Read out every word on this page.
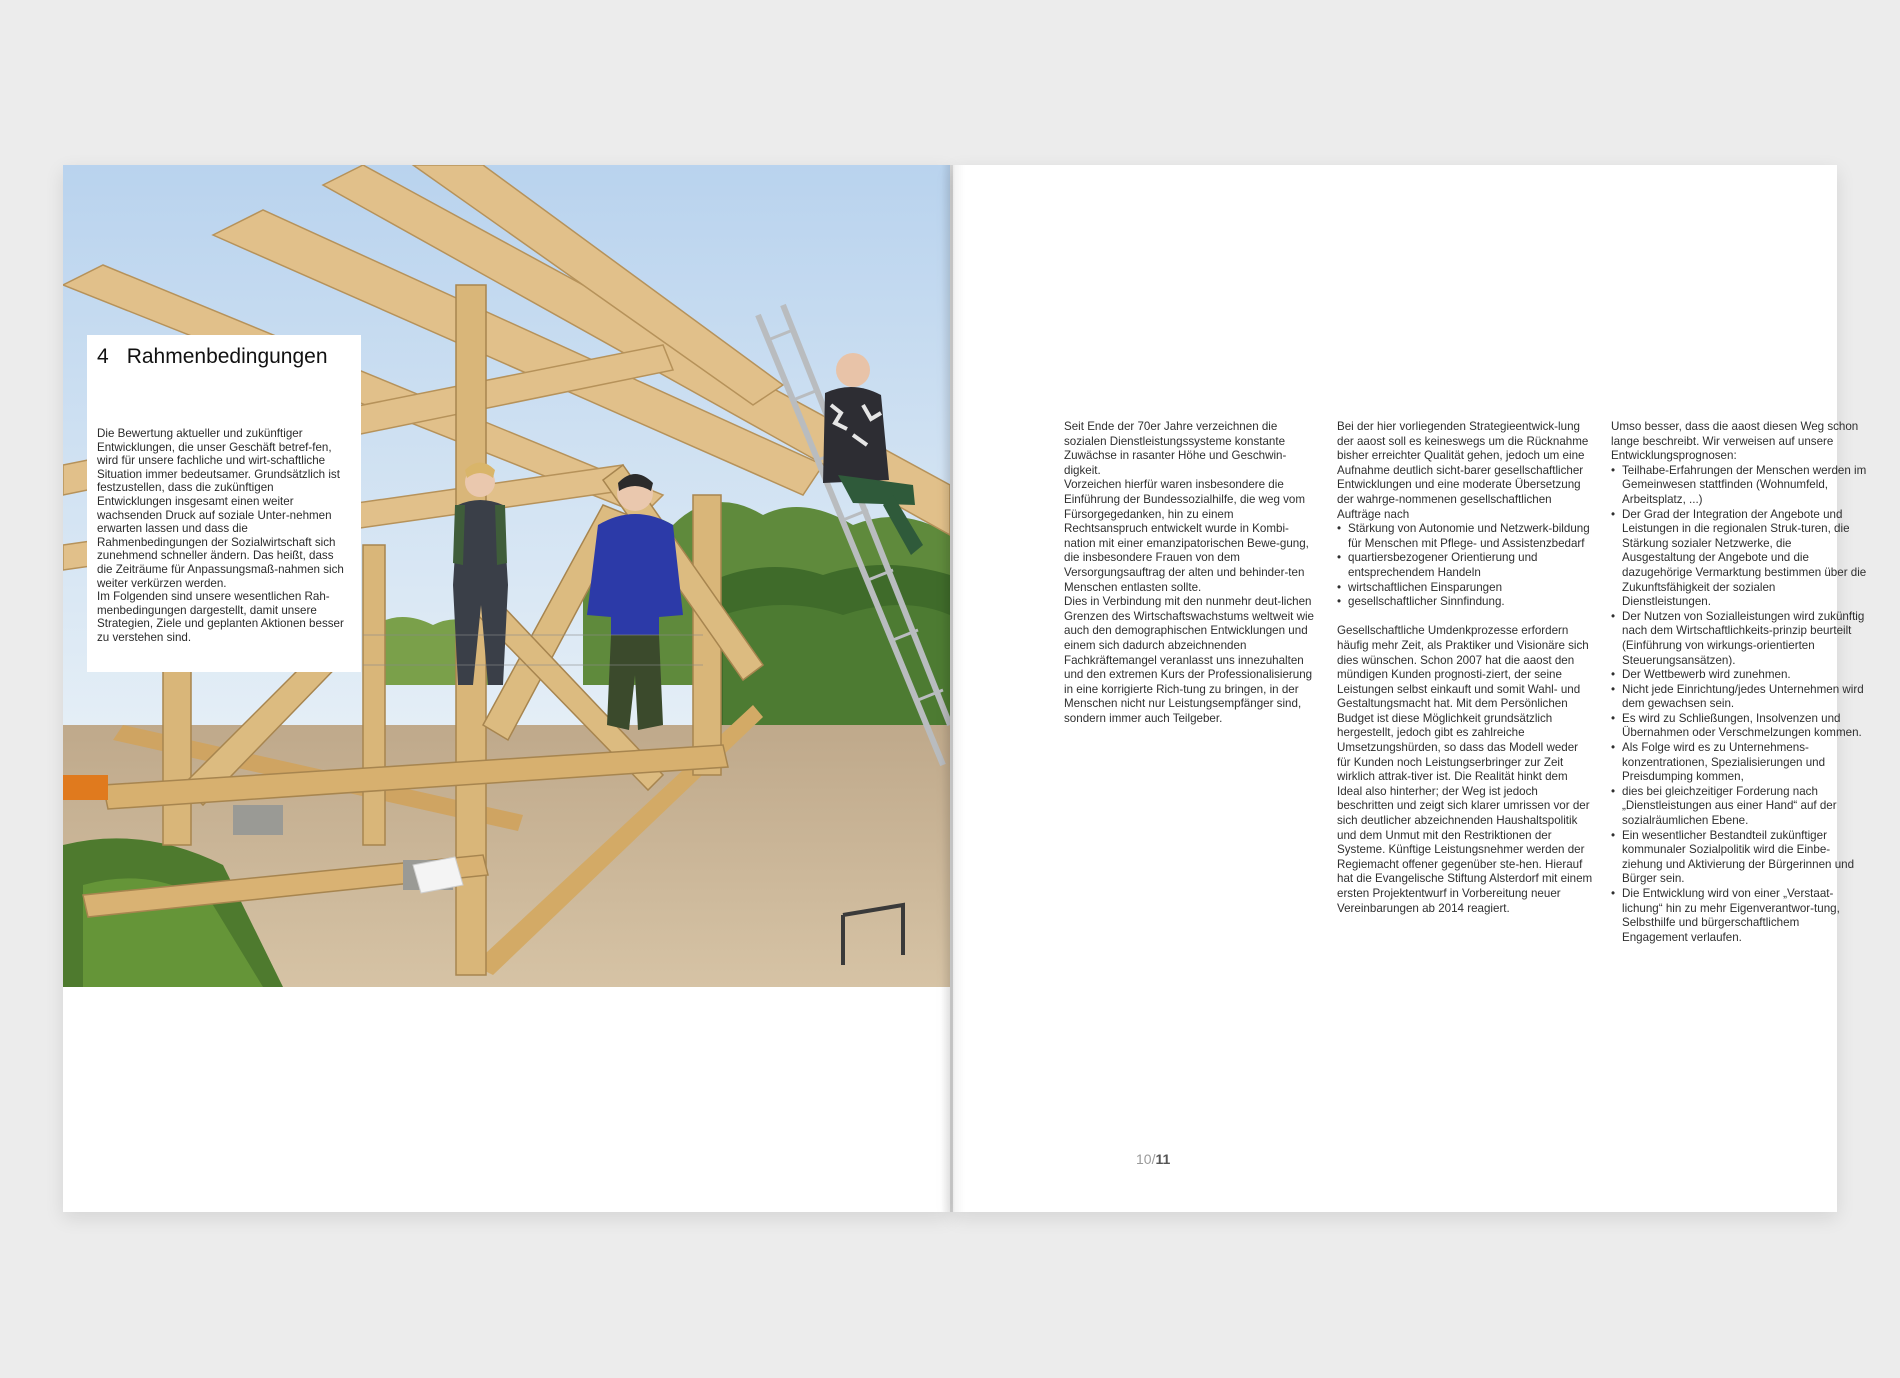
4 Rahmenbedingungen

Die Bewertung aktueller und zukünftiger Entwicklungen, die unser Geschäft betref-fen, wird für unsere fachliche und wirt-schaftliche Situation immer bedeutsamer. Grundsätzlich ist festzustellen, dass die zukünftigen Entwicklungen insgesamt einen weiter wachsenden Druck auf soziale Unter-nehmen erwarten lassen und dass die Rahmenbedingungen der Sozialwirtschaft sich zunehmend schneller ändern. Das heißt, dass die Zeiträume für Anpassungsmaß-nahmen sich weiter verkürzen werden.

Im Folgenden sind unsere wesentlichen Rah-menbedingungen dargestellt, damit unsere Strategien, Ziele und geplanten Aktionen besser zu verstehen sind.

Seit Ende der 70er Jahre verzeichnen die sozialen Dienstleistungssysteme konstante Zuwächse in rasanter Höhe und Geschwin-digkeit.

Vorzeichen hierfür waren insbesondere die Einführung der Bundessozialhilfe, die weg vom Fürsorgegedanken, hin zu einem Rechtsanspruch entwickelt wurde in Kombi-nation mit einer emanzipatorischen Bewe-gung, die insbesondere Frauen von dem Versorgungsauftrag der alten und behinder-ten Menschen entlasten sollte.

Dies in Verbindung mit den nunmehr deut-lichen Grenzen des Wirtschaftswachstums weltweit wie auch den demographischen Entwicklungen und einem sich dadurch abzeichnenden Fachkräftemangel veranlasst uns innezuhalten und den extremen Kurs der Professionalisierung in eine korrigierte Rich-tung zu bringen, in der Menschen nicht nur Leistungsempfänger sind, sondern immer auch Teilgeber.

Bei der hier vorliegenden Strategieentwick-lung der aaost soll es keineswegs um die Rücknahme bisher erreichter Qualität gehen, jedoch um eine Aufnahme deutlich sicht-barer gesellschaftlicher Entwicklungen und eine moderate Übersetzung der wahrge-nommenen gesellschaftlichen Aufträge nach

• Stärkung von Autonomie und Netzwerk-bildung für Menschen mit Pflege- und Assistenzbedarf
• quartiersbezogener Orientierung und entsprechendem Handeln
• wirtschaftlichen Einsparungen
• gesellschaftlicher Sinnfindung.

Gesellschaftliche Umdenkprozesse erfordern häufig mehr Zeit, als Praktiker und Visionäre sich dies wünschen. Schon 2007 hat die aaost den mündigen Kunden prognosti-ziert, der seine Leistungen selbst einkauft und somit Wahl- und Gestaltungsmacht hat. Mit dem Persönlichen Budget ist diese Möglichkeit grundsätzlich hergestellt, jedoch gibt es zahlreiche Umsetzungshürden, so dass das Modell weder für Kunden noch Leistungserbringer zur Zeit wirklich attrak-tiver ist. Die Realität hinkt dem Ideal also hinterher; der Weg ist jedoch beschritten und zeigt sich klarer umrissen vor der sich deutlicher abzeichnenden Haushaltspolitik und dem Unmut mit den Restriktionen der Systeme. Künftige Leistungsnehmer werden der Regiemacht offener gegenüber ste-hen. Hierauf hat die Evangelische Stiftung Alsterdorf mit einem ersten Projektentwurf in Vorbereitung neuer Vereinbarungen ab 2014 reagiert.

Umso besser, dass die aaost diesen Weg schon lange beschreibt. Wir verweisen auf unsere Entwicklungsprognosen:

• Teilhabe-Erfahrungen der Menschen werden im Gemeinwesen stattfinden (Wohnumfeld, Arbeitsplatz, ...)
• Der Grad der Integration der Angebote und Leistungen in die regionalen Struk-turen, die Stärkung sozialer Netzwerke, die Ausgestaltung der Angebote und die dazugehörige Vermarktung bestimmen über die Zukunftsfähigkeit der sozialen Dienstleistungen.
• Der Nutzen von Sozialleistungen wird zukünftig nach dem Wirtschaftlichkeits-prinzip beurteilt (Einführung von wirkungs-orientierten Steuerungsansätzen).
• Der Wettbewerb wird zunehmen.
• Nicht jede Einrichtung/jedes Unternehmen wird dem gewachsen sein.
• Es wird zu Schließungen, Insolvenzen und Übernahmen oder Verschmelzungen kommen.
• Als Folge wird es zu Unternehmens-konzentrationen, Spezialisierungen und Preisdumping kommen,
• dies bei gleichzeitiger Forderung nach „Dienstleistungen aus einer Hand“ auf der sozialräumlichen Ebene.
• Ein wesentlicher Bestandteil zukünftiger kommunaler Sozialpolitik wird die Einbe-ziehung und Aktivierung der Bürgerinnen und Bürger sein.
• Die Entwicklung wird von einer „Verstaat-lichung“ hin zu mehr Eigenverantwor-tung, Selbsthilfe und bürgerschaftlichem Engagement verlaufen.
10/11
